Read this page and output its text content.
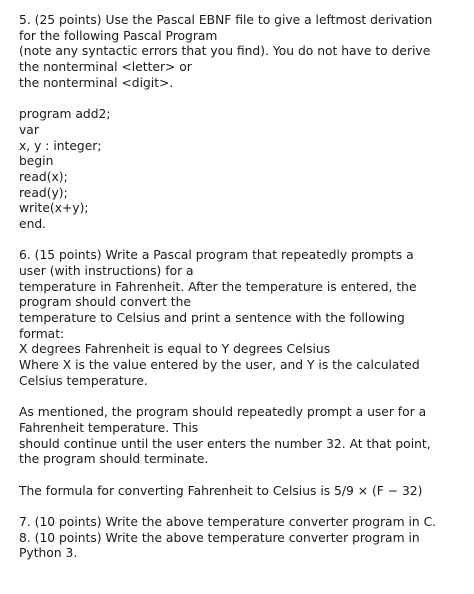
5. (25 points) Use the Pascal EBNF file to give a leftmost derivation
for the following Pascal Program
(note any syntactic errors that you find). You do not have to derive
the nonterminal <letter> or
the nonterminal <digit>.
program add2;
var
x, y : integer;
begin
read(x);
read(y);
write(x+y);
end.
6. (15 points) Write a Pascal program that repeatedly prompts a
user (with instructions) for a
temperature in Fahrenheit. After the temperature is entered, the
program should convert the
temperature to Celsius and print a sentence with the following
format:
X degrees Fahrenheit is equal to Y degrees Celsius
Where X is the value entered by the user, and Y is the calculated
Celsius temperature.
As mentioned, the program should repeatedly prompt a user for a
Fahrenheit temperature. This
should continue until the user enters the number 32. At that point,
the program should terminate.
The formula for converting Fahrenheit to Celsius is 5/9 × (F − 32)
7. (10 points) Write the above temperature converter program in C.
8. (10 points) Write the above temperature converter program in
Python 3.
